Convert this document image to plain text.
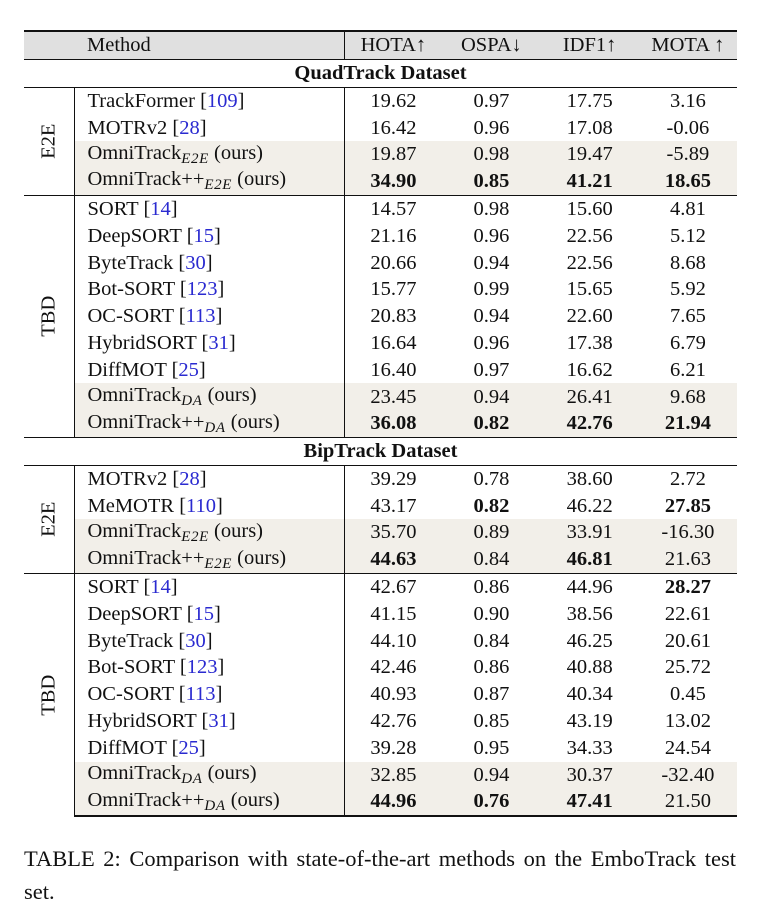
	Method	HOTA↑	OSPA↓	IDF1↑	MOTA ↑
QuadTrack Dataset					
E2E	TrackFormer [109]	19.62	0.97	17.75	3.16
	MOTRv2 [28]	16.42	0.96	17.08	-0.06
	OmniTrack$_{E2E}$ (ours)	19.87	0.98	19.47	-5.89
	$OmniTrack++_{E2E}$ (ours)	34.90	0.85	41.21	18.65
TBD	SORT [14]	14.57	0.98	15.60	4.81
	DeepSORT [15]	21.16	0.96	22.56	5.12
	ByteTrack [30]	20.66	0.94	22.56	8.68
	Bot-SORT [123]	15.77	0.99	15.65	5.92
	OC-SORT [113]	20.83	0.94	22.60	7.65
	HybridSORT [31]	16.64	0.96	17.38	6.79
	DiffMOT [25]	16.40	0.97	16.62	6.21
	OmniTrack$_{DA}$ (ours)	23.45	0.94	26.41	9.68
	$OmniTrack++_{DA}$ (ours)	36.08	0.82	42.76	21.94
BipTrack Dataset					
E2E	MOTRv2 [28]	39.29	0.78	38.60	2.72
	MeMOTR [110]	43.17	0.82	46.22	27.85
	OmniTrack$_{E2E}$ (ours)	35.70	0.89	33.91	-16.30
	$OmniTrack++_{E2E}$ (ours)	44.63	0.84	46.81	21.63
TBD	SORT [14]	42.67	0.86	44.96	28.27
	DeepSORT [15]	41.15	0.90	38.56	22.61
	ByteTrack [30]	44.10	0.84	46.25	20.61
	Bot-SORT [123]	42.46	0.86	40.88	25.72
	OC-SORT [113]	40.93	0.87	40.34	0.45
	HybridSORT [31]	42.76	0.85	43.19	13.02
	DiffMOT [25]	39.28	0.95	34.33	24.54
	OmniTrack$_{DA}$ (ours)	32.85	0.94	30.37	-32.40
	$OmniTrack++_{DA}$ (ours)	44.96	0.76	47.41	21.50
TABLE 2: Comparison with state-of-the-art methods on the EmboTrack test set.
